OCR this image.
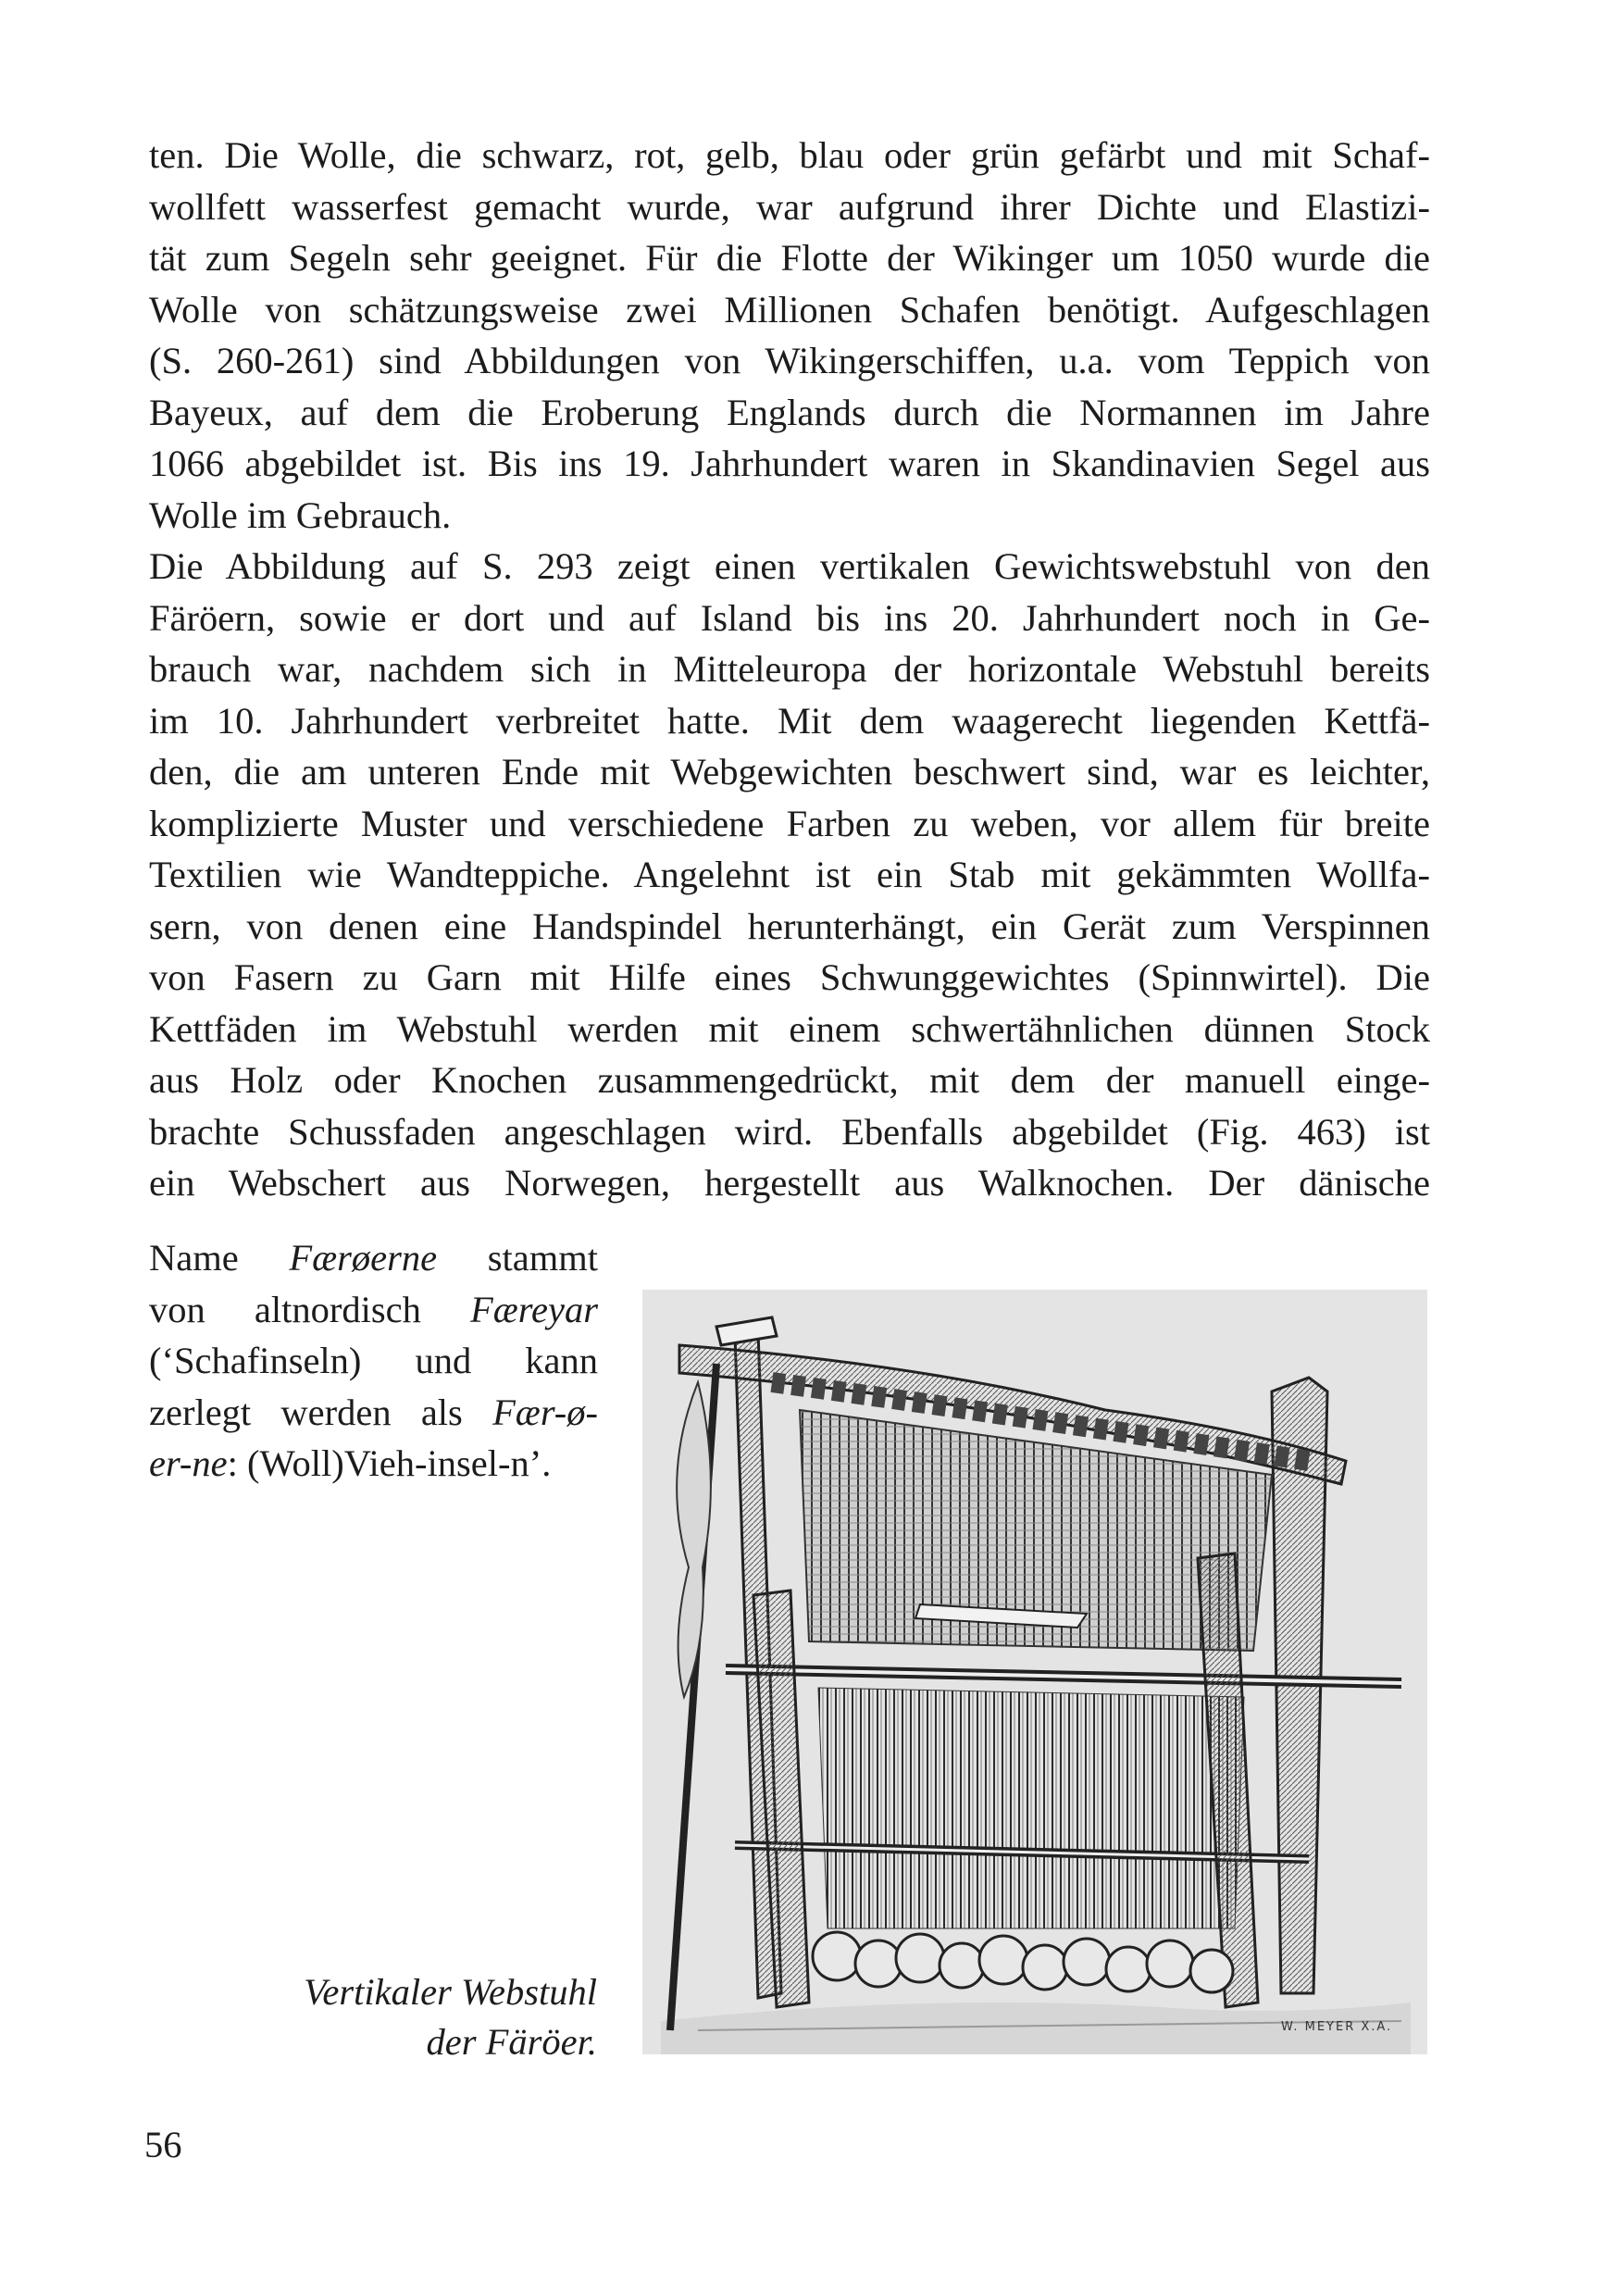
ten. Die Wolle, die schwarz, rot, gelb, blau oder grün gefärbt und mit Schaf-
wollfett wasserfest gemacht wurde, war aufgrund ihrer Dichte und Elastizi-
tät zum Segeln sehr geeignet. Für die Flotte der Wikinger um 1050 wurde die
Wolle von schätzungsweise zwei Millionen Schafen benötigt. Aufgeschlagen
(S. 260-261) sind Abbildungen von Wikingerschiffen, u.a. vom Teppich von
Bayeux, auf dem die Eroberung Englands durch die Normannen im Jahre
1066 abgebildet ist. Bis ins 19. Jahrhundert waren in Skandinavien Segel aus
Wolle im Gebrauch.
Die Abbildung auf S. 293 zeigt einen vertikalen Gewichtswebstuhl von den
Färöern, sowie er dort und auf Island bis ins 20. Jahrhundert noch in Ge-
brauch war, nachdem sich in Mitteleuropa der horizontale Webstuhl bereits
im 10. Jahrhundert verbreitet hatte. Mit dem waagerecht liegenden Kettfä-
den, die am unteren Ende mit Webgewichten beschwert sind, war es leichter,
komplizierte Muster und verschiedene Farben zu weben, vor allem für breite
Textilien wie Wandteppiche. Angelehnt ist ein Stab mit gekämmten Wollfa-
sern, von denen eine Handspindel herunterhängt, ein Gerät zum Verspinnen
von Fasern zu Garn mit Hilfe eines Schwunggewichtes (Spinnwirtel). Die
Kettfäden im Webstuhl werden mit einem schwertähnlichen dünnen Stock
aus Holz oder Knochen zusammengedrückt, mit dem der manuell einge-
brachte Schussfaden angeschlagen wird. Ebenfalls abgebildet (Fig. 463) ist
ein Webschert aus Norwegen, hergestellt aus Walknochen. Der dänische
Name Færøerne stammt
von altnordisch Færeyar
(‘Schafinseln) und kann
zerlegt werden als Fær-ø-
er-ne: (Woll)Vieh-insel-n’.
W. MEYER X.A.
Vertikaler Webstuhl
der Färöer.
56
